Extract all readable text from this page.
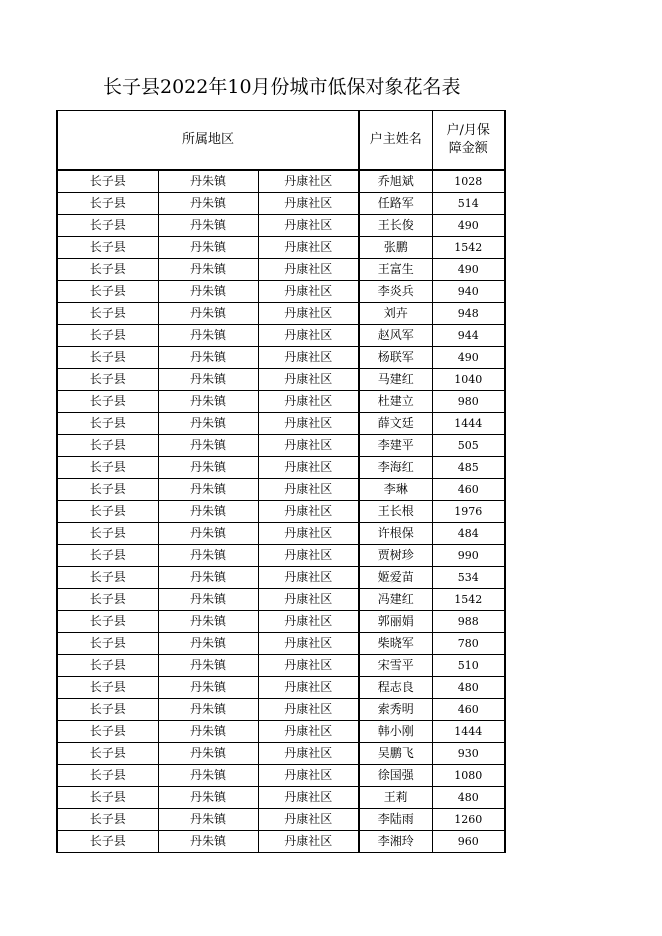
长子县2022年10月份城市低保对象花名表
所属地区			户主姓名	户/月保障金额
长子县	丹朱镇	丹康社区	乔旭斌	1028
长子县	丹朱镇	丹康社区	任路军	514
长子县	丹朱镇	丹康社区	王长俊	490
长子县	丹朱镇	丹康社区	张鹏	1542
长子县	丹朱镇	丹康社区	王富生	490
长子县	丹朱镇	丹康社区	李炎兵	940
长子县	丹朱镇	丹康社区	刘卉	948
长子县	丹朱镇	丹康社区	赵风军	944
长子县	丹朱镇	丹康社区	杨联军	490
长子县	丹朱镇	丹康社区	马建红	1040
长子县	丹朱镇	丹康社区	杜建立	980
长子县	丹朱镇	丹康社区	薛文廷	1444
长子县	丹朱镇	丹康社区	李建平	505
长子县	丹朱镇	丹康社区	李海红	485
长子县	丹朱镇	丹康社区	李琳	460
长子县	丹朱镇	丹康社区	王长根	1976
长子县	丹朱镇	丹康社区	许根保	484
长子县	丹朱镇	丹康社区	贾树珍	990
长子县	丹朱镇	丹康社区	姬爱苗	534
长子县	丹朱镇	丹康社区	冯建红	1542
长子县	丹朱镇	丹康社区	郭丽娟	988
长子县	丹朱镇	丹康社区	柴晓军	780
长子县	丹朱镇	丹康社区	宋雪平	510
长子县	丹朱镇	丹康社区	程志良	480
长子县	丹朱镇	丹康社区	索秀明	460
长子县	丹朱镇	丹康社区	韩小刚	1444
长子县	丹朱镇	丹康社区	吴鹏飞	930
长子县	丹朱镇	丹康社区	徐国强	1080
长子县	丹朱镇	丹康社区	王莉	480
长子县	丹朱镇	丹康社区	李陆雨	1260
长子县	丹朱镇	丹康社区	李湘玲	960
